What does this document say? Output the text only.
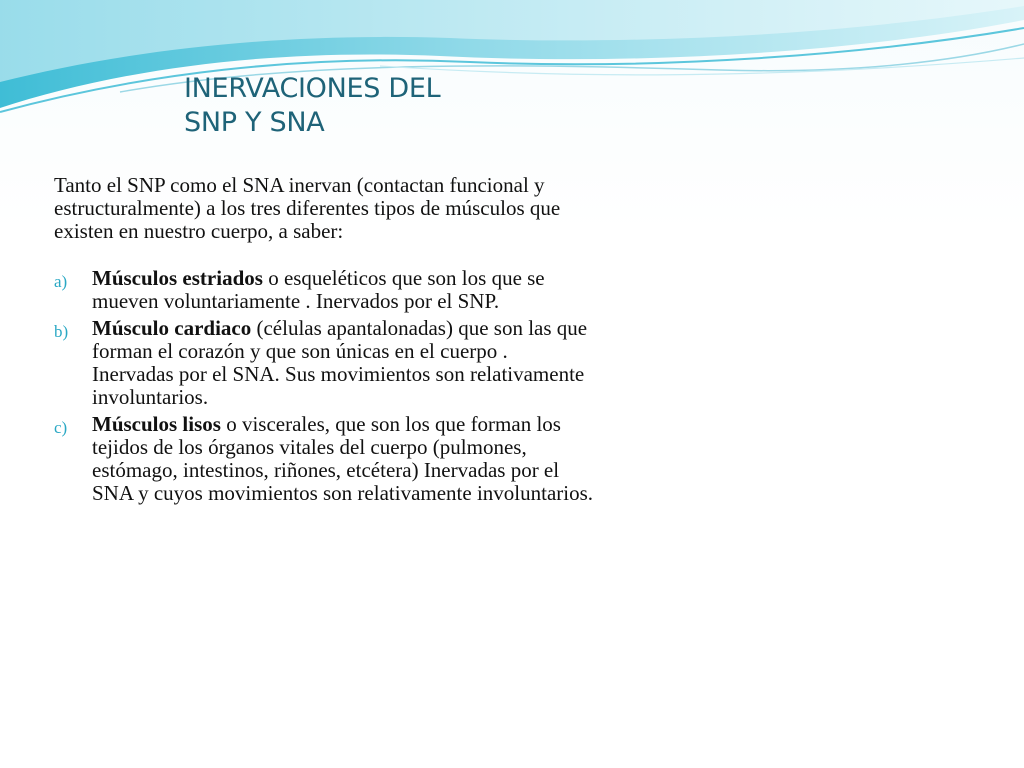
INERVACIONES DEL
SNP Y SNA

Tanto el SNP como el SNA inervan (contactan funcional y estructuralmente) a los tres diferentes tipos de músculos que existen en nuestro cuerpo, a saber:

a) Músculos estriados o esqueléticos que son los que se mueven voluntariamente . Inervados por el SNP.
b) Músculo cardiaco (células apantalonadas) que son las que forman el corazón y que son únicas en el cuerpo . Inervadas por el SNA. Sus movimientos son relativamente involuntarios.
c) Músculos lisos o viscerales, que son los que forman los tejidos de los órganos vitales del cuerpo (pulmones, estómago, intestinos, riñones, etcétera) Inervadas por el SNA y cuyos movimientos son relativamente involuntarios.
